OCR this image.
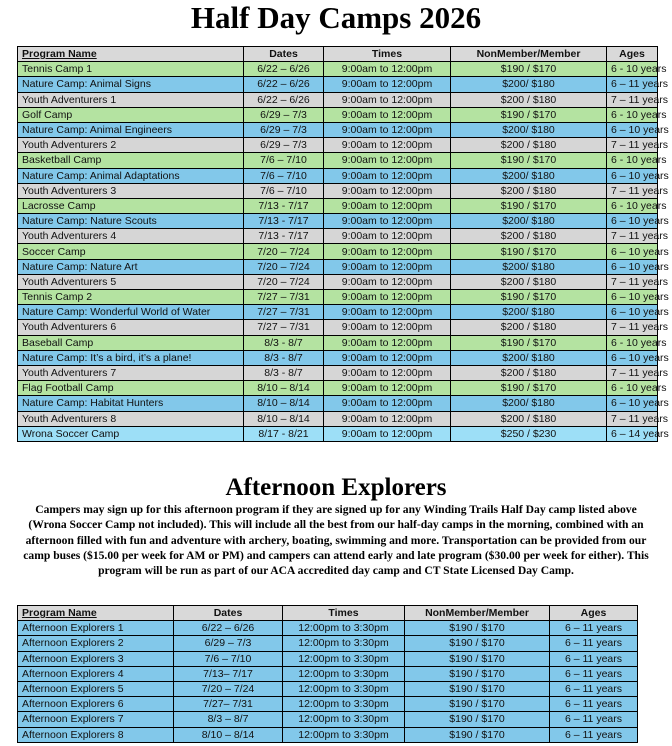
Half Day Camps 2026
Program Name	Dates	Times	NonMember/Member	Ages
Tennis Camp 1	6/22 – 6/26	9:00am to 12:00pm	$190 / $170	6 - 10 years
Nature Camp: Animal Signs	6/22 – 6/26	9:00am to 12:00pm	$200/ $180	6 – 11 years
Youth Adventurers 1	6/22 – 6/26	9:00am to 12:00pm	$200 / $180	7 – 11 years
Golf Camp	6/29 – 7/3	9:00am to 12:00pm	$190 / $170	6 - 10 years
Nature Camp: Animal Engineers	6/29 – 7/3	9:00am to 12:00pm	$200/ $180	6 – 10 years
Youth Adventurers 2	6/29 – 7/3	9:00am to 12:00pm	$200 / $180	7 – 11 years
Basketball Camp	7/6 – 7/10	9:00am to 12:00pm	$190 / $170	6 - 10 years
Nature Camp: Animal Adaptations	7/6 – 7/10	9:00am to 12:00pm	$200/ $180	6 – 10 years
Youth Adventurers 3	7/6 – 7/10	9:00am to 12:00pm	$200 / $180	7 – 11 years
Lacrosse Camp	7/13 - 7/17	9:00am to 12:00pm	$190 / $170	6 - 10 years
Nature Camp: Nature Scouts	7/13 - 7/17	9:00am to 12:00pm	$200/ $180	6 – 10 years
Youth Adventurers 4	7/13 - 7/17	9:00am to 12:00pm	$200 / $180	7 – 11 years
Soccer Camp	7/20 – 7/24	9:00am to 12:00pm	$190 / $170	6 – 10 years
Nature Camp: Nature Art	7/20 – 7/24	9:00am to 12:00pm	$200/ $180	6 – 10 years
Youth Adventurers 5	7/20 – 7/24	9:00am to 12:00pm	$200 / $180	7 – 11 years
Tennis Camp 2	7/27 – 7/31	9:00am to 12:00pm	$190 / $170	6 – 10 years
Nature Camp: Wonderful World of Water	7/27 – 7/31	9:00am to 12:00pm	$200/ $180	6 – 10 years
Youth Adventurers 6	7/27 – 7/31	9:00am to 12:00pm	$200 / $180	7 – 11 years
Baseball Camp	8/3 - 8/7	9:00am to 12:00pm	$190 / $170	6 - 10 years
Nature Camp: It’s a bird, it’s a plane!	8/3 - 8/7	9:00am to 12:00pm	$200/ $180	6 – 10 years
Youth Adventurers 7	8/3 - 8/7	9:00am to 12:00pm	$200 / $180	7 – 11 years
Flag Football Camp	8/10 – 8/14	9:00am to 12:00pm	$190 / $170	6 - 10 years
Nature Camp: Habitat Hunters	8/10 – 8/14	9:00am to 12:00pm	$200/ $180	6 – 10 years
Youth Adventurers 8	8/10 – 8/14	9:00am to 12:00pm	$200 / $180	7 – 11 years
Wrona Soccer Camp	8/17 - 8/21	9:00am to 12:00pm	$250 / $230	6 – 14 years
Afternoon Explorers
Campers may sign up for this afternoon program if they are signed up for any Winding Trails Half Day camp listed above (Wrona Soccer Camp not included). This will include all the best from our half-day camps in the morning, combined with an afternoon filled with fun and adventure with archery, boating, swimming and more. Transportation can be provided from our camp buses ($15.00 per week for AM or PM) and campers can attend early and late program ($30.00 per week for either). This program will be run as part of our ACA accredited day camp and CT State Licensed Day Camp.
Program Name	Dates	Times	NonMember/Member	Ages
Afternoon Explorers 1	6/22 – 6/26	12:00pm to 3:30pm	$190 / $170	6 – 11 years
Afternoon Explorers 2	6/29 – 7/3	12:00pm to 3:30pm	$190 / $170	6 – 11 years
Afternoon Explorers 3	7/6 – 7/10	12:00pm to 3:30pm	$190 / $170	6 – 11 years
Afternoon Explorers 4	7/13– 7/17	12:00pm to 3:30pm	$190 / $170	6 – 11 years
Afternoon Explorers 5	7/20 – 7/24	12:00pm to 3:30pm	$190 / $170	6 – 11 years
Afternoon Explorers 6	7/27– 7/31	12:00pm to 3:30pm	$190 / $170	6 – 11 years
Afternoon Explorers 7	8/3 – 8/7	12:00pm to 3:30pm	$190 / $170	6 – 11 years
Afternoon Explorers 8	8/10 – 8/14	12:00pm to 3:30pm	$190 / $170	6 – 11 years
